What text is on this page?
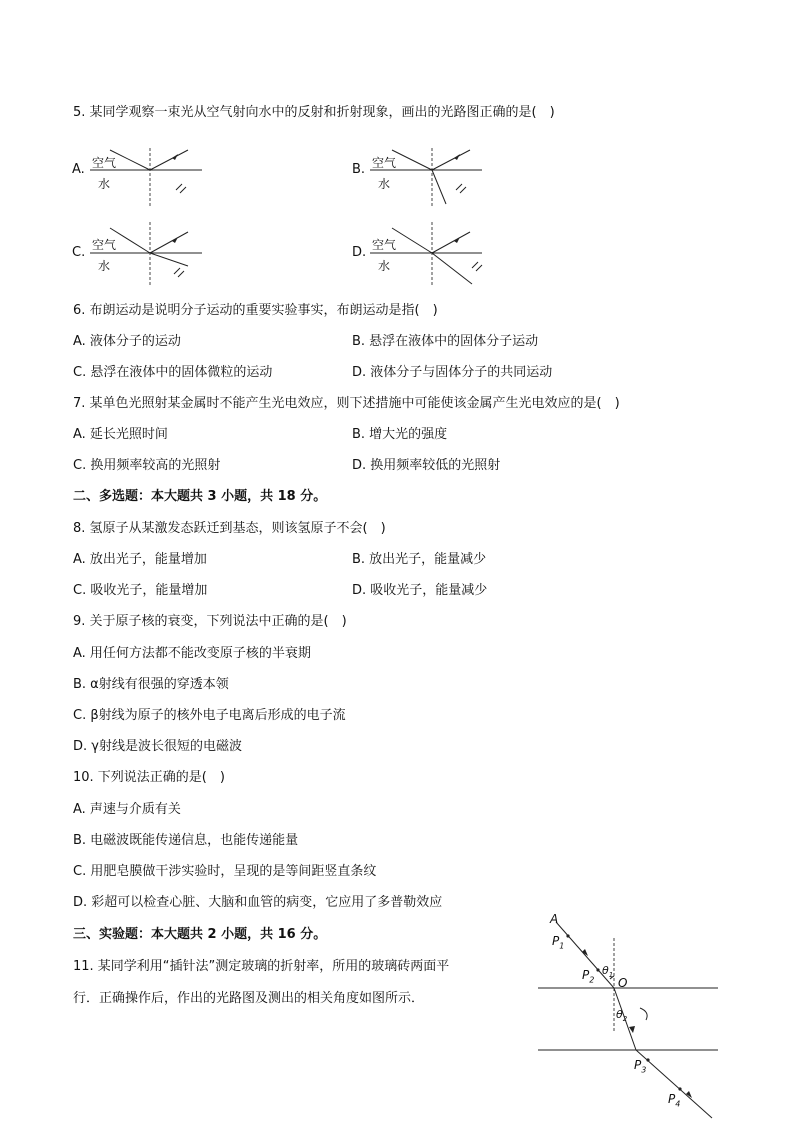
5. 某同学观察一束光从空气射向水中的反射和折射现象，画出的光路图正确的是(　)
A. 空气
水
B. 空气
水
C. 空气
水
D. 空气
水
6. 布朗运动是说明分子运动的重要实验事实，布朗运动是指(　)
A. 液体分子的运动	B. 悬浮在液体中的固体分子运动
C. 悬浮在液体中的固体微粒的运动	D. 液体分子与固体分子的共同运动
7. 某单色光照射某金属时不能产生光电效应，则下述措施中可能使该金属产生光电效应的是(　)
A. 延长光照时间	B. 增大光的强度
C. 换用频率较高的光照射	D. 换用频率较低的光照射
二、多选题：本大题共 3 小题，共 18 分。
8. 氢原子从某激发态跃迁到基态，则该氢原子不会(　)
A. 放出光子，能量增加	B. 放出光子，能量减少
C. 吸收光子，能量增加	D. 吸收光子，能量减少
9. 关于原子核的衰变，下列说法中正确的是(　)
A. 用任何方法都不能改变原子核的半衰期
B. α射线有很强的穿透本领
C. β射线为原子的核外电子电离后形成的电子流
D. γ射线是波长很短的电磁波
10. 下列说法正确的是(　)
A. 声速与介质有关
B. 电磁波既能传递信息，也能传递能量
C. 用肥皂膜做干涉实验时，呈现的是等间距竖直条纹
D. 彩超可以检查心脏、大脑和血管的病变，它应用了多普勒效应
三、实验题：本大题共 2 小题，共 16 分。
11. 某同学利用“插针法”测定玻璃的折射率，所用的玻璃砖两面平
行．正确操作后，作出的光路图及测出的相关角度如图所示．
A
$P_1$
$P_2$
$\theta_1$
O
$\theta_2$
$P_3$
$P_4$
